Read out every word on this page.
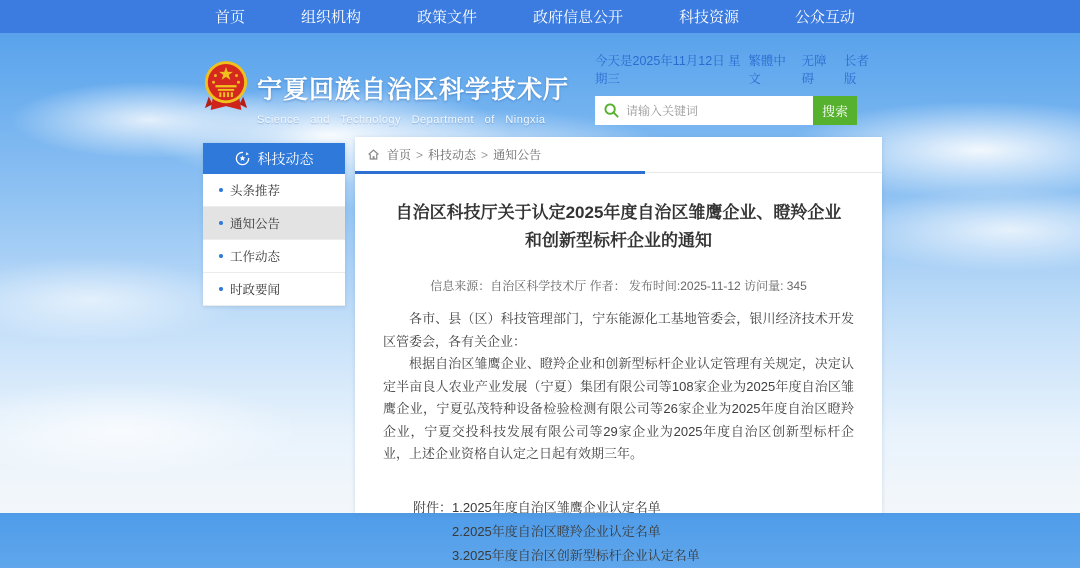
首页	组织机构	政策文件	政府信息公开	科技资源	公众互动
宁夏回族自治区科学技术厅
Science and Technology Department of Ningxia
今天是2025年11月12日 星期三
繁體中文
无障碍
长者版
请输入关键词
搜索
科技动态
头条推荐
通知公告
工作动态
时政要闻
首页 > 科技动态 > 通知公告
自治区科技厅关于认定2025年度自治区雏鹰企业、瞪羚企业
和创新型标杆企业的通知
信息来源：自治区科学技术厅 作者： 发布时间:2025-11-12 访问量: 345

各市、县（区）科技管理部门，宁东能源化工基地管委会，银川经济技术开发区管委会，各有关企业：

根据自治区雏鹰企业、瞪羚企业和创新型标杆企业认定管理有关规定，决定认定半亩良人农业产业发展（宁夏）集团有限公司等108家企业为2025年度自治区雏鹰企业，宁夏弘茂特种设备检验检测有限公司等26家企业为2025年度自治区瞪羚企业，宁夏交投科技发展有限公司等29家企业为2025年度自治区创新型标杆企业，上述企业资格自认定之日起有效期三年。

附件： 1.2025年度自治区雏鹰企业认定名单
2.2025年度自治区瞪羚企业认定名单
3.2025年度自治区创新型标杆企业认定名单
